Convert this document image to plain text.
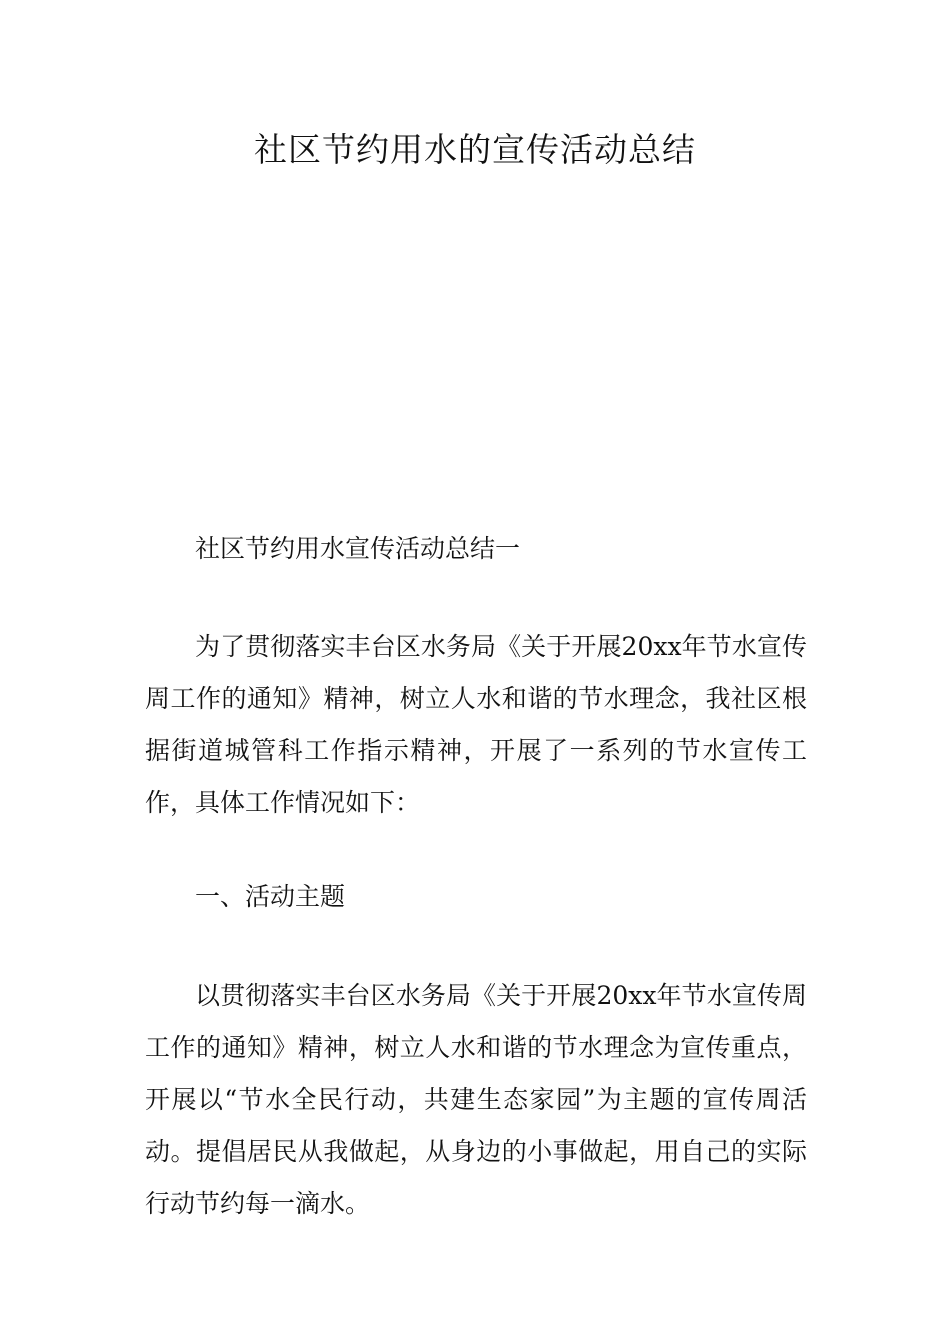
社区节约用水的宣传活动总结

社区节约用水宣传活动总结一

为了贯彻落实丰台区水务局《关于开展20xx年节水宣传周工作的通知》精神，树立人水和谐的节水理念，我社区根据街道城管科工作指示精神，开展了一系列的节水宣传工作，具体工作情况如下：

一、活动主题

以贯彻落实丰台区水务局《关于开展20xx年节水宣传周工作的通知》精神，树立人水和谐的节水理念为宣传重点，开展以“节水全民行动，共建生态家园”为主题的宣传周活动。提倡居民从我做起，从身边的小事做起，用自己的实际行动节约每一滴水。
